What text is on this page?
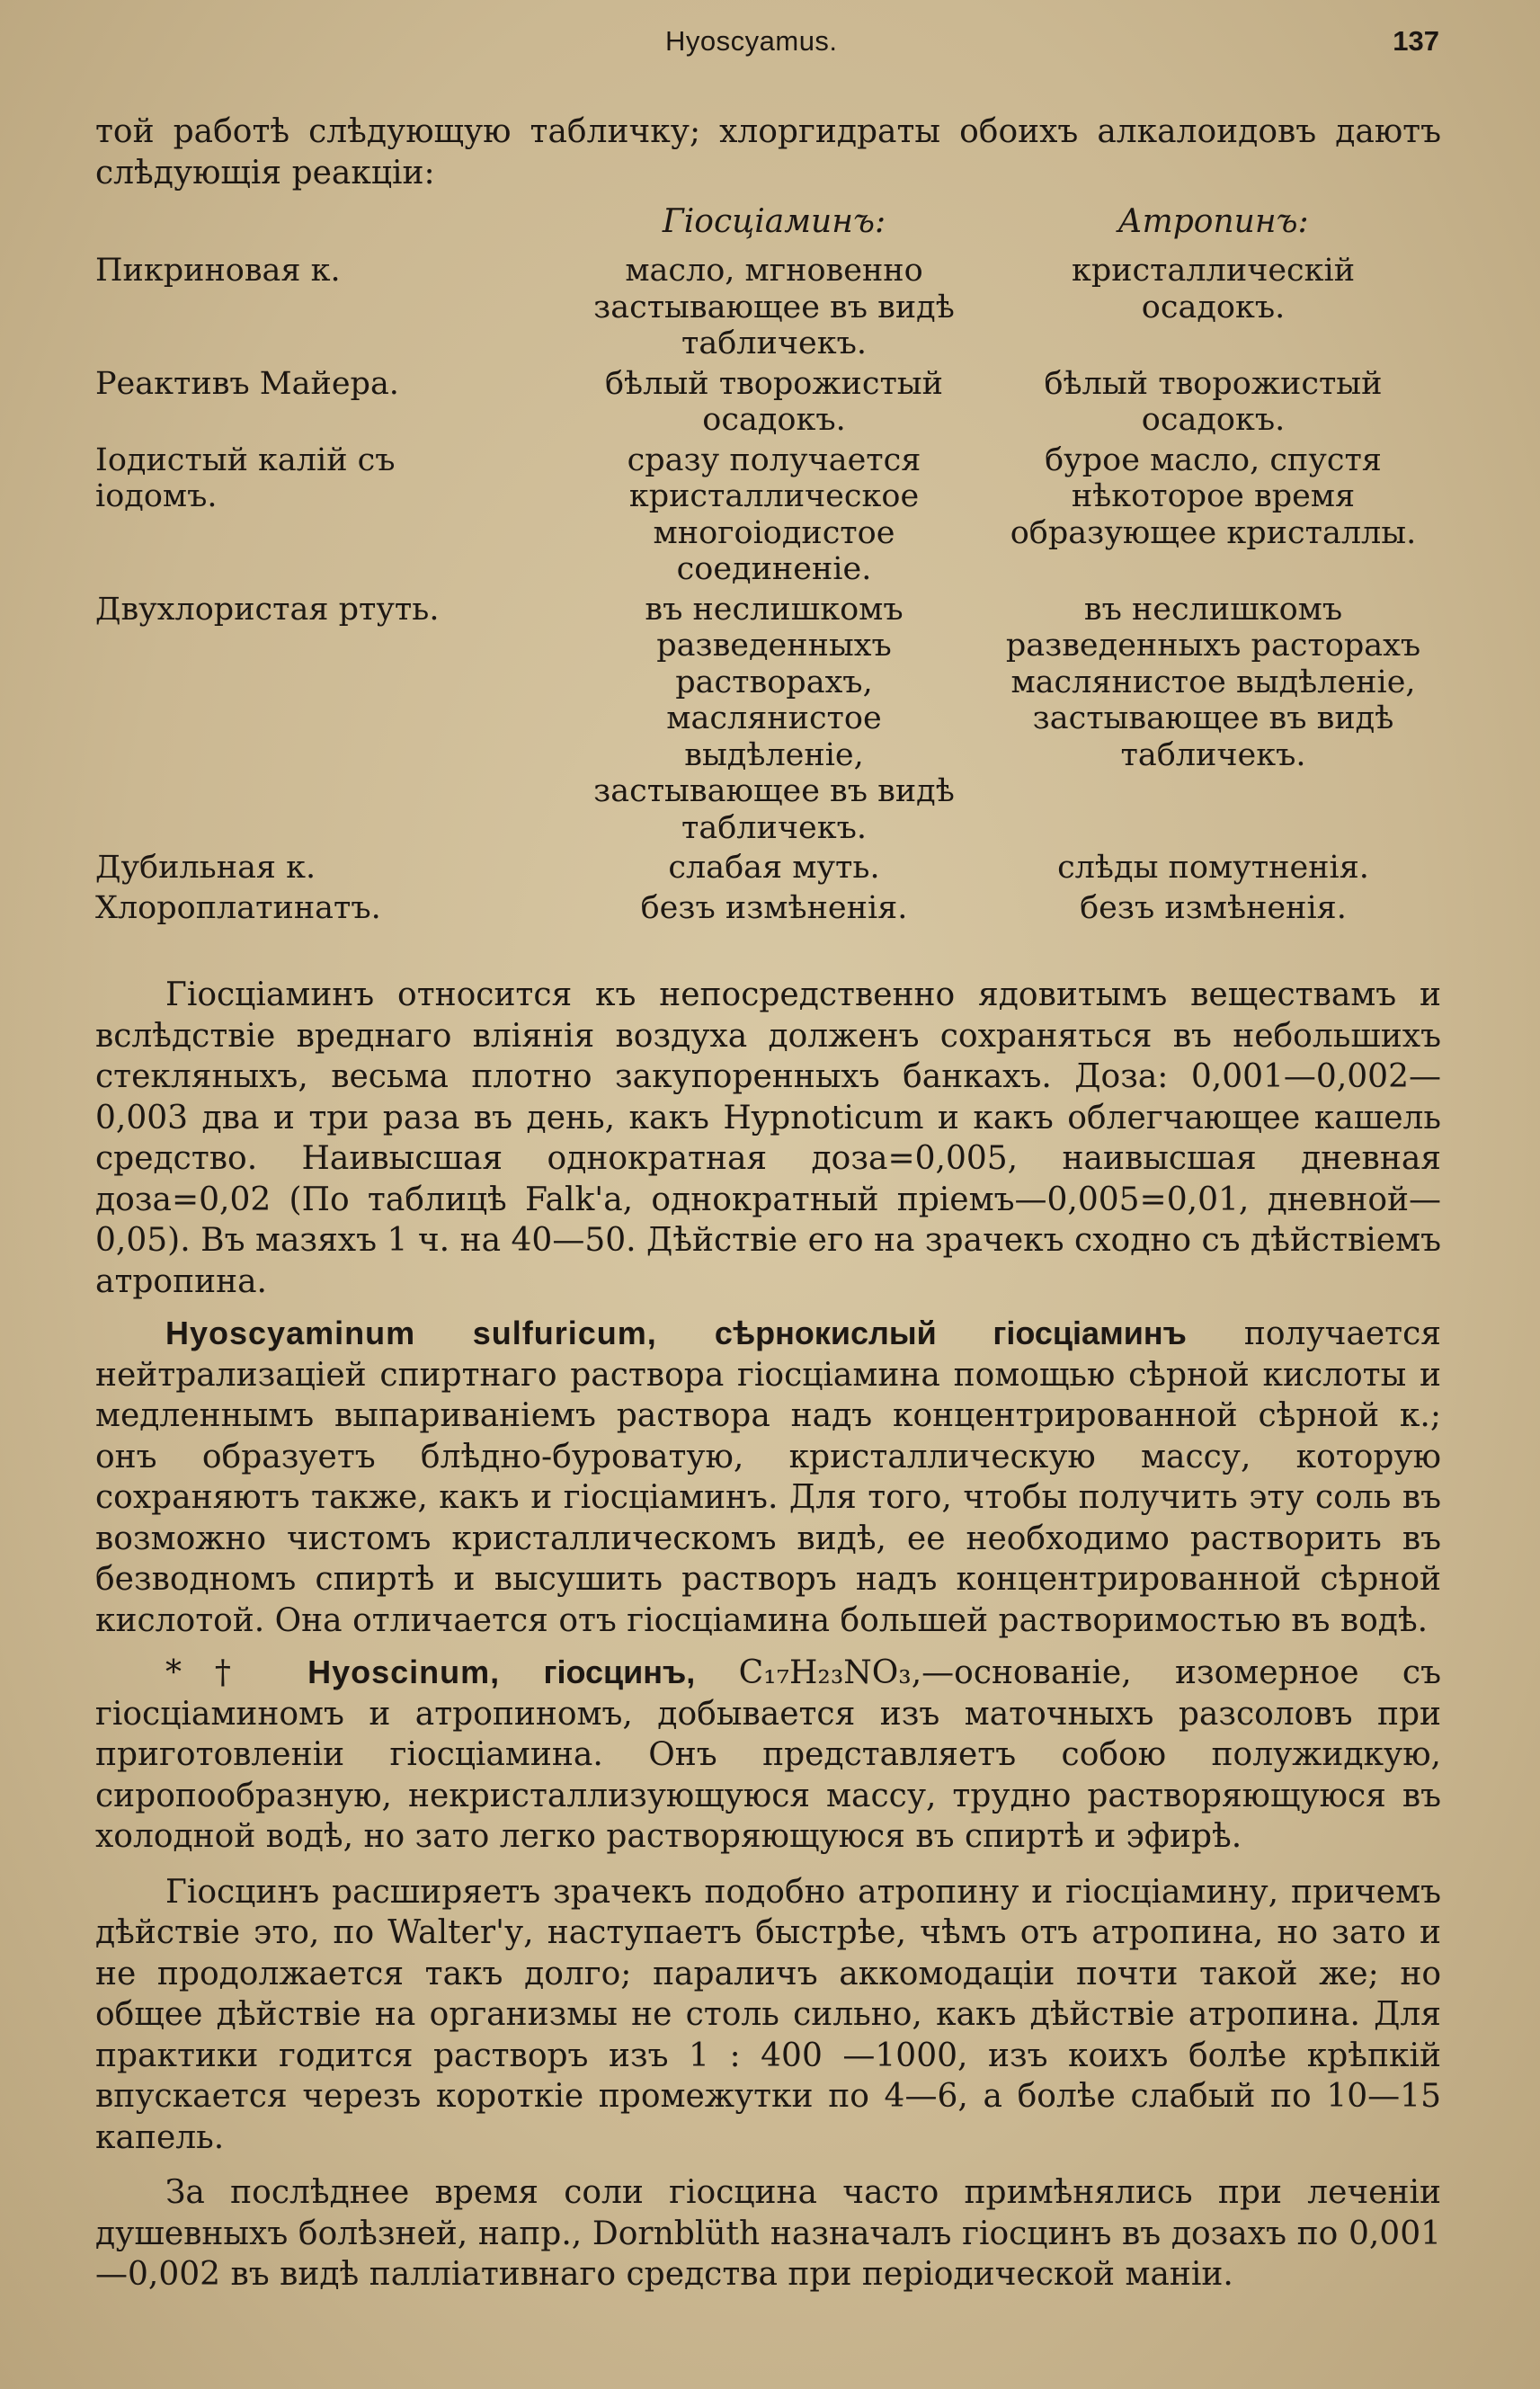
Hyoscyamus.	137

той работѣ слѣдующую табличку; хлоргидраты обоихъ алкалоидовъ даютъ слѣдующія реакціи:

	Гіосціаминъ:	Атропинъ:
Пикриновая к.	масло, мгновенно застывающее въ видѣ табличекъ.	кристаллическій осадокъ.
Реактивъ Майера.	бѣлый творожистый осадокъ.	бѣлый творожистый осадокъ.
Іодистый калій съ іодомъ.	сразу получается кристаллическое многоіодистое соединеніе.	бурое масло, спустя нѣкоторое время образующее кристаллы.
Двухлористая ртуть.	въ неслишкомъ разведенныхъ растворахъ, маслянистое выдѣленіе, застывающее въ видѣ табличекъ.	въ неслишкомъ разведенныхъ расторахъ маслянистое выдѣленіе, застывающее въ видѣ табличекъ.
Дубильная к.	слабая муть.	слѣды помутненія.
Хлороплатинатъ.	безъ измѣненія.	безъ измѣненія.

Гіосціаминъ относится къ непосредственно ядовитымъ веществамъ и вслѣдствіе вреднаго вліянія воздуха долженъ сохраняться въ небольшихъ стекляныхъ, весьма плотно закупоренныхъ банкахъ. Доза: 0,001—0,002—0,003 два и три раза въ день, какъ Hypnoticum и какъ облегчающее кашель средство. Наивысшая однократная доза=0,005, наивысшая дневная доза=0,02 (По таблицѣ Falk'a, однократный пріемъ—0,005=0,01, дневной—0,05). Въ мазяхъ 1 ч. на 40—50. Дѣйствіе его на зрачекъ сходно съ дѣйствіемъ атропина.

Hyoscyaminum sulfuricum, сѣрнокислый гіосціаминъ получается нейтрализаціей спиртнаго раствора гіосціамина помощью сѣрной кислоты и медленнымъ выпариваніемъ раствора надъ концентрированной сѣрной к.; онъ образуетъ блѣдно-буроватую, кристаллическую массу, которую сохраняютъ также, какъ и гіосціаминъ. Для того, чтобы получить эту соль въ возможно чистомъ кристаллическомъ видѣ, ее необходимо растворить въ безводномъ спиртѣ и высушить растворъ надъ концентрированной сѣрной кислотой. Она отличается отъ гіосціамина большей растворимостью въ водѣ.

*† Hyoscinum, гіосцинъ, C₁₇H₂₃NO₃,—основаніе, изомерное съ гіосціаминомъ и атропиномъ, добывается изъ маточныхъ разсоловъ при приготовленіи гіосціамина. Онъ представляетъ собою полужидкую, сиропообразную, некристаллизующуюся массу, трудно растворяющуюся въ холодной водѣ, но зато легко растворяющуюся въ спиртѣ и эфирѣ.

Гіосцинъ расширяетъ зрачекъ подобно атропину и гіосціамину, причемъ дѣйствіе это, по Walter'у, наступаетъ быстрѣе, чѣмъ отъ атропина, но зато и не продолжается такъ долго; параличъ аккомодаціи почти такой же; но общее дѣйствіе на организмы не столь сильно, какъ дѣйствіе атропина. Для практики годится растворъ изъ 1 : 400 —1000, изъ коихъ болѣе крѣпкій впускается черезъ короткіе промежутки по 4—6, а болѣе слабый по 10—15 капель.

За послѣднее время соли гіосцина часто примѣнялись при леченіи душевныхъ болѣзней, напр., Dornblüth назначалъ гіосцинъ въ дозахъ по 0,001—0,002 въ видѣ палліативнаго средства при періодической маніи.
